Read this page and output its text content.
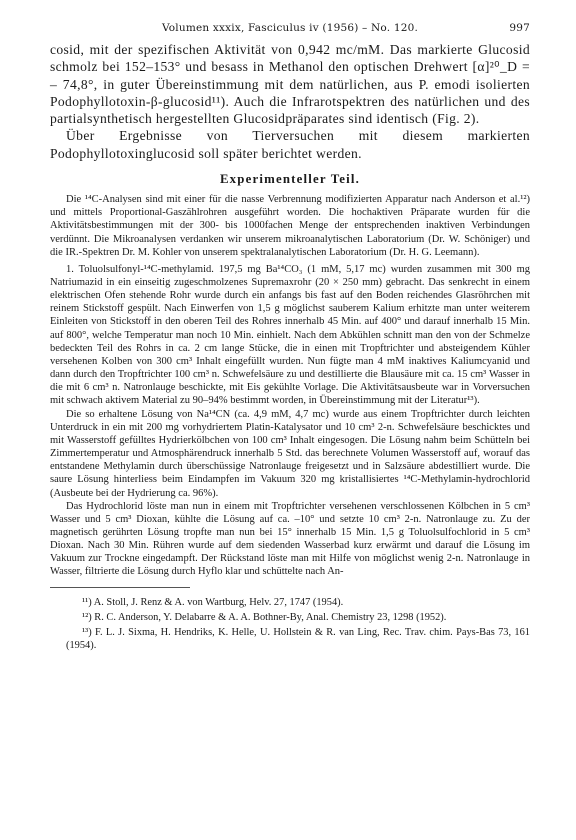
Volumen xxxix, Fasciculus iv (1956) – No. 120.	997

cosid, mit der spezifischen Aktivität von 0,942 mc/mM. Das markierte Glucosid schmolz bei 152–153° und besass in Methanol den optischen Drehwert [α]²⁰_D = – 74,8°, in guter Übereinstimmung mit dem natürlichen, aus P. emodi isolierten Podophyllotoxin-β-glucosid¹¹). Auch die Infrarotspektren des natürlichen und des partialsynthetisch hergestellten Glucosidpräparates sind identisch (Fig. 2).

Über Ergebnisse von Tierversuchen mit diesem markierten Podophyllotoxinglucosid soll später berichtet werden.

Experimenteller Teil.

Die ¹⁴C-Analysen sind mit einer für die nasse Verbrennung modifizierten Apparatur nach Anderson et al.¹²) und mittels Proportional-Gaszählrohren ausgeführt worden. Die hochaktiven Präparate wurden für die Aktivitätsbestimmungen mit der 300- bis 1000fachen Menge der entsprechenden inaktiven Verbindungen verdünnt. Die Mikroanalysen verdanken wir unserem mikroanalytischen Laboratorium (Dr. W. Schöniger) und die IR.-Spektren Dr. M. Kohler von unserem spektralanalytischen Laboratorium (Dr. H. G. Leemann).

1. Toluolsulfonyl-¹⁴C-methylamid. 197,5 mg Ba¹⁴CO₃ (1 mM, 5,17 mc) wurden zusammen mit 300 mg Natriumazid in ein einseitig zugeschmolzenes Supremaxrohr (20 × 250 mm) gebracht. Das senkrecht in einem elektrischen Ofen stehende Rohr wurde durch ein anfangs bis fast auf den Boden reichendes Glasröhrchen mit reinem Stickstoff gespült. Nach Einwerfen von 1,5 g möglichst sauberem Kalium erhitzte man unter weiterem Einleiten von Stickstoff in den oberen Teil des Rohres innerhalb 45 Min. auf 400° und darauf innerhalb 15 Min. auf 800°, welche Temperatur man noch 10 Min. einhielt. Nach dem Abkühlen schnitt man den von der Schmelze bedeckten Teil des Rohrs in ca. 2 cm lange Stücke, die in einen mit Tropftrichter und absteigendem Kühler versehenen Kolben von 300 cm³ Inhalt eingefüllt wurden. Nun fügte man 4 mM inaktives Kaliumcyanid und dann durch den Tropftrichter 100 cm³ n. Schwefelsäure zu und destillierte die Blausäure mit ca. 15 cm³ Wasser in die mit 6 cm³ n. Natronlauge beschickte, mit Eis gekühlte Vorlage. Die Aktivitätsausbeute war in Vorversuchen mit schwach aktivem Material zu 90–94% bestimmt worden, in Übereinstimmung mit der Literatur¹³).

Die so erhaltene Lösung von Na¹⁴CN (ca. 4,9 mM, 4,7 mc) wurde aus einem Tropftrichter durch leichten Unterdruck in ein mit 200 mg vorhydriertem Platin-Katalysator und 10 cm³ 2-n. Schwefelsäure beschicktes und mit Wasserstoff gefülltes Hydrierkölbchen von 100 cm³ Inhalt eingesogen. Die Lösung nahm beim Schütteln bei Zimmertemperatur und Atmosphärendruck innerhalb 5 Std. das berechnete Volumen Wasserstoff auf, worauf das entstandene Methylamin durch überschüssige Natronlauge freigesetzt und in Salzsäure abdestilliert wurde. Die saure Lösung hinterliess beim Eindampfen im Vakuum 320 mg kristallisiertes ¹⁴C-Methylamin-hydrochlorid (Ausbeute bei der Hydrierung ca. 96%).

Das Hydrochlorid löste man nun in einem mit Tropftrichter versehenen verschlossenen Kölbchen in 5 cm³ Wasser und 5 cm³ Dioxan, kühlte die Lösung auf ca. –10° und setzte 10 cm³ 2-n. Natronlauge zu. Zu der magnetisch gerührten Lösung tropfte man nun bei 15° innerhalb 15 Min. 1,5 g Toluolsulfochlorid in 5 cm³ Dioxan. Nach 30 Min. Rühren wurde auf dem siedenden Wasserbad kurz erwärmt und darauf die Lösung im Vakuum zur Trockne eingedampft. Der Rückstand löste man mit Hilfe von möglichst wenig 2-n. Natronlauge in Wasser, filtrierte die Lösung durch Hyflo klar und schüttelte nach An-

¹¹) A. Stoll, J. Renz & A. von Wartburg, Helv. 27, 1747 (1954).

¹²) R. C. Anderson, Y. Delabarre & A. A. Bothner-By, Anal. Chemistry 23, 1298 (1952).

¹³) F. L. J. Sixma, H. Hendriks, K. Helle, U. Hollstein & R. van Ling, Rec. Trav. chim. Pays-Bas 73, 161 (1954).
